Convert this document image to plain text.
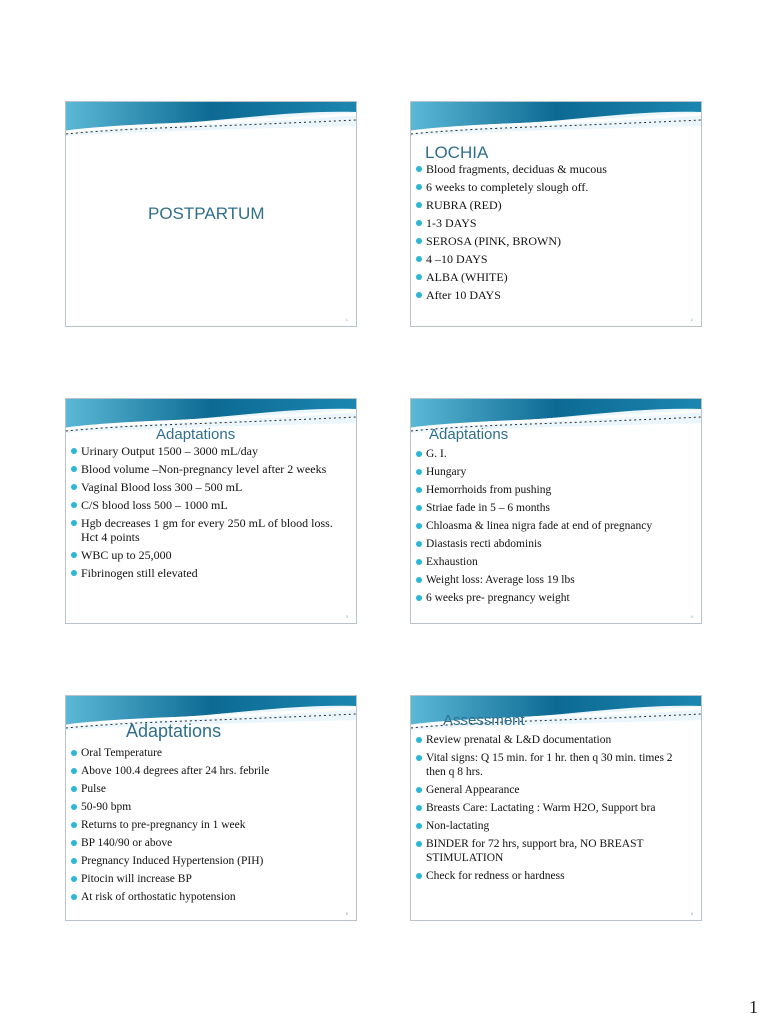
POSTPARTUM
1
LOCHIA
Blood fragments, deciduas & mucous
6 weeks to completely slough off.
RUBRA (RED)
1-3 DAYS
SEROSA (PINK, BROWN)
4 –10 DAYS
ALBA (WHITE)
After 10 DAYS
2
Adaptations
Urinary Output 1500 – 3000 mL/day
Blood volume –Non-pregnancy level after 2 weeks
Vaginal Blood loss 300 – 500 mL
C/S blood loss 500 – 1000 mL
Hgb decreases 1 gm for every 250 mL of blood loss. Hct 4 points
WBC up to 25,000
Fibrinogen still elevated
3
Adaptations
G. I.
Hungary
Hemorrhoids from pushing
Striae fade in 5 – 6 months
Chloasma & linea nigra fade at end of pregnancy
Diastasis recti abdominis
Exhaustion
Weight loss: Average loss 19 lbs
6 weeks pre- pregnancy weight
4
Adaptations
Oral Temperature
Above 100.4 degrees after 24 hrs. febrile
Pulse
50-90 bpm
Returns to pre-pregnancy in 1 week
BP 140/90 or above
Pregnancy Induced Hypertension (PIH)
Pitocin will increase BP
At risk of orthostatic hypotension
5
Assessment
Review prenatal & L&D documentation
Vital signs: Q 15 min. for 1 hr. then q 30 min. times 2 then q 8 hrs.
General Appearance
Breasts Care: Lactating : Warm H2O, Support bra
Non-lactating
BINDER for 72 hrs, support bra, NO BREAST STIMULATION
Check for redness or hardness
6
1
